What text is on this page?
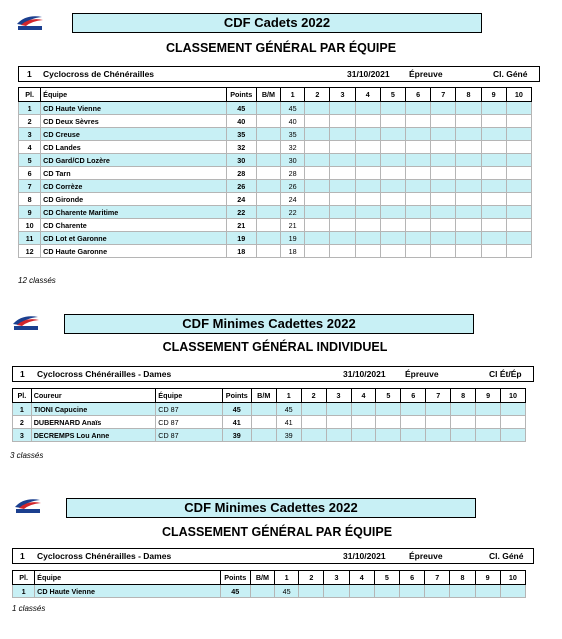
CDF Cadets 2022
CLASSEMENT GÉNÉRAL PAR ÉQUIPE
1 Cyclocross de Chénérailles	31/10/2021 Épreuve	Cl. Géné
Pl.	Équipe	Points	B/M	1	2	3	4	5	6	7	8	9	10
1	CD Haute Vienne	45		45									
2	CD Deux Sèvres	40		40									
3	CD Creuse	35		35									
4	CD Landes	32		32									
5	CD Gard/CD Lozère	30		30									
6	CD Tarn	28		28									
7	CD Corrèze	26		26									
8	CD Gironde	24		24									
9	CD Charente Maritime	22		22									
10	CD Charente	21		21									
11	CD Lot et Garonne	19		19									
12	CD Haute Garonne	18		18									
12 classés
CDF Minimes Cadettes 2022
CLASSEMENT GÉNÉRAL INDIVIDUEL
1 Cyclocross Chénérailles - Dames	31/10/2021 Épreuve	Cl Ét/Ép
Pl.	Coureur	Équipe	Points	B/M	1	2	3	4	5	6	7	8	9	10
1	TIONI Capucine	CD 87	45		45									
2	DUBERNARD Anaïs	CD 87	41		41									
3	DECREMPS Lou Anne	CD 87	39		39									
3 classés
CDF Minimes Cadettes 2022
CLASSEMENT GÉNÉRAL PAR ÉQUIPE
1 Cyclocross Chénérailles - Dames	31/10/2021	Épreuve	Cl. Géné
Pl.	Équipe	Points	B/M	1	2	3	4	5	6	7	8	9	10
1	CD Haute Vienne	45		45									
1 classés
